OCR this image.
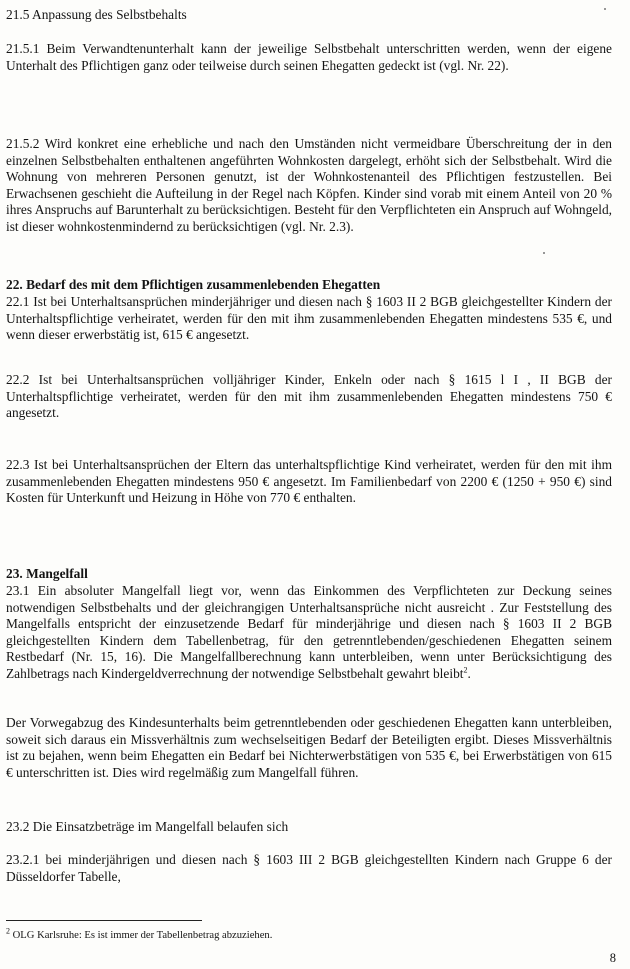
21.5 Anpassung des Selbstbehalts

21.5.1 Beim Verwandtenunterhalt kann der jeweilige Selbstbehalt unterschritten werden, wenn der eigene Unterhalt des Pflichtigen ganz oder teilweise durch seinen Ehegatten gedeckt ist (vgl. Nr. 22).

21.5.2 Wird konkret eine erhebliche und nach den Umständen nicht vermeidbare Überschreitung der in den einzelnen Selbstbehalten enthaltenen angeführten Wohnkosten dargelegt, erhöht sich der Selbstbehalt. Wird die Wohnung von mehreren Personen genutzt, ist der Wohnkostenanteil des Pflichtigen festzustellen. Bei Erwachsenen geschieht die Aufteilung in der Regel nach Köpfen. Kinder sind vorab mit einem Anteil von 20 % ihres Anspruchs auf Barunterhalt zu berücksichtigen. Besteht für den Verpflichteten ein Anspruch auf Wohngeld, ist dieser wohnkostenmindernd zu berücksichtigen (vgl. Nr. 2.3).

22. Bedarf des mit dem Pflichtigen zusammenlebenden Ehegatten

22.1 Ist bei Unterhaltsansprüchen minderjähriger und diesen nach § 1603 II 2 BGB gleichgestellter Kindern der Unterhaltspflichtige verheiratet, werden für den mit ihm zusammenlebenden Ehegatten mindestens 535 €, und wenn dieser erwerbstätig ist, 615 € angesetzt.

22.2 Ist bei Unterhaltsansprüchen volljähriger Kinder, Enkeln oder nach § 1615 l I , II BGB der Unterhaltspflichtige verheiratet, werden für den mit ihm zusammenlebenden Ehegatten mindestens 750 € angesetzt.

22.3 Ist bei Unterhaltsansprüchen der Eltern das unterhaltspflichtige Kind verheiratet, werden für den mit ihm zusammenlebenden Ehegatten mindestens 950 € angesetzt. Im Familienbedarf von 2200 € (1250 + 950 €) sind Kosten für Unterkunft und Heizung in Höhe von 770 € enthalten.

23. Mangelfall

23.1 Ein absoluter Mangelfall liegt vor, wenn das Einkommen des Verpflichteten zur Deckung seines notwendigen Selbstbehalts und der gleichrangigen Unterhaltsansprüche nicht ausreicht . Zur Feststellung des Mangelfalls entspricht der einzusetzende Bedarf für minderjährige und diesen nach § 1603 II 2 BGB gleichgestellten Kindern dem Tabellenbetrag, für den getrenntlebenden/geschiedenen Ehegatten seinem Restbedarf (Nr. 15, 16). Die Mangelfallberechnung kann unterbleiben, wenn unter Berücksichtigung des Zahlbetrags nach Kindergeldverrechnung der notwendige Selbstbehalt gewahrt bleibt$^2$.

Der Vorwegabzug des Kindesunterhalts beim getrenntlebenden oder geschiedenen Ehegatten kann unterbleiben, soweit sich daraus ein Missverhältnis zum wechselseitigen Bedarf der Beteiligten ergibt. Dieses Missverhältnis ist zu bejahen, wenn beim Ehegatten ein Bedarf bei Nichterwerbstätigen von 535 €, bei Erwerbstätigen von 615 € unterschritten ist. Dies wird regelmäßig zum Mangelfall führen.

23.2 Die Einsatzbeträge im Mangelfall belaufen sich

23.2.1 bei minderjährigen und diesen nach § 1603 III 2 BGB gleichgestellten Kindern nach Gruppe 6 der Düsseldorfer Tabelle,

$^2$ OLG Karlsruhe: Es ist immer der Tabellenbetrag abzuziehen.

8
